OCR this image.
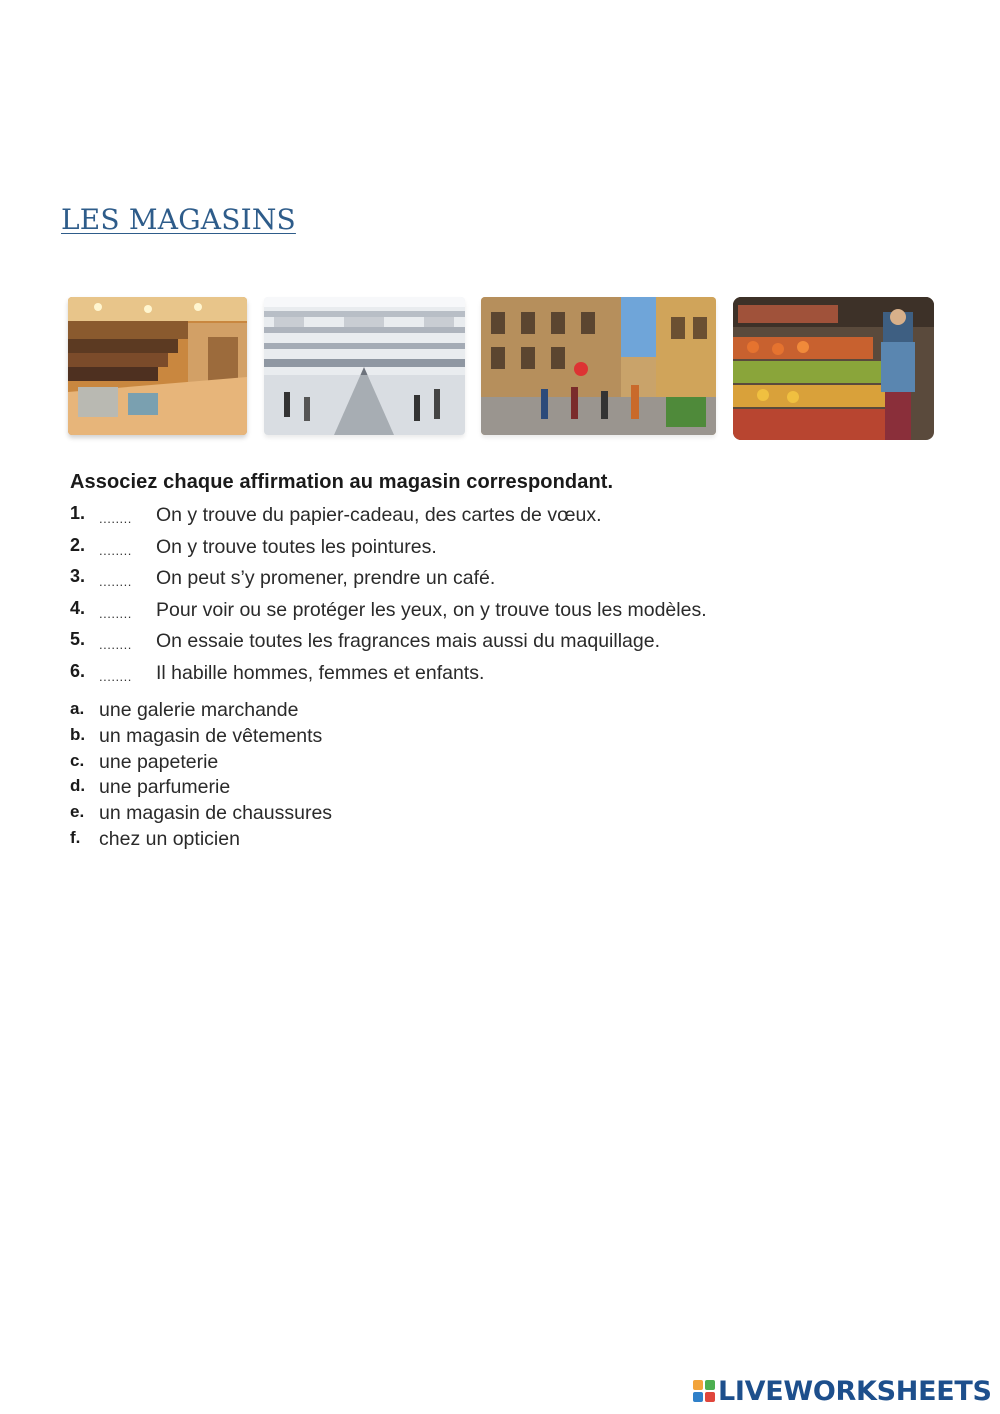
LES MAGASINS

Associez chaque affirmation au magasin correspondant.

1. ........ On y trouve du papier-cadeau, des cartes de vœux.
2. ........ On y trouve toutes les pointures.
3. ........ On peut s’y promener, prendre un café.
4. ........ Pour voir ou se protéger les yeux, on y trouve tous les modèles.
5. ........ On essaie toutes les fragrances mais aussi du maquillage.
6. ........ Il habille hommes, femmes et enfants.
a. une galerie marchande
b. un magasin de vêtements
c. une papeterie
d. une parfumerie
e. un magasin de chaussures
f. chez un opticien
LIVEWORKSHEETS
